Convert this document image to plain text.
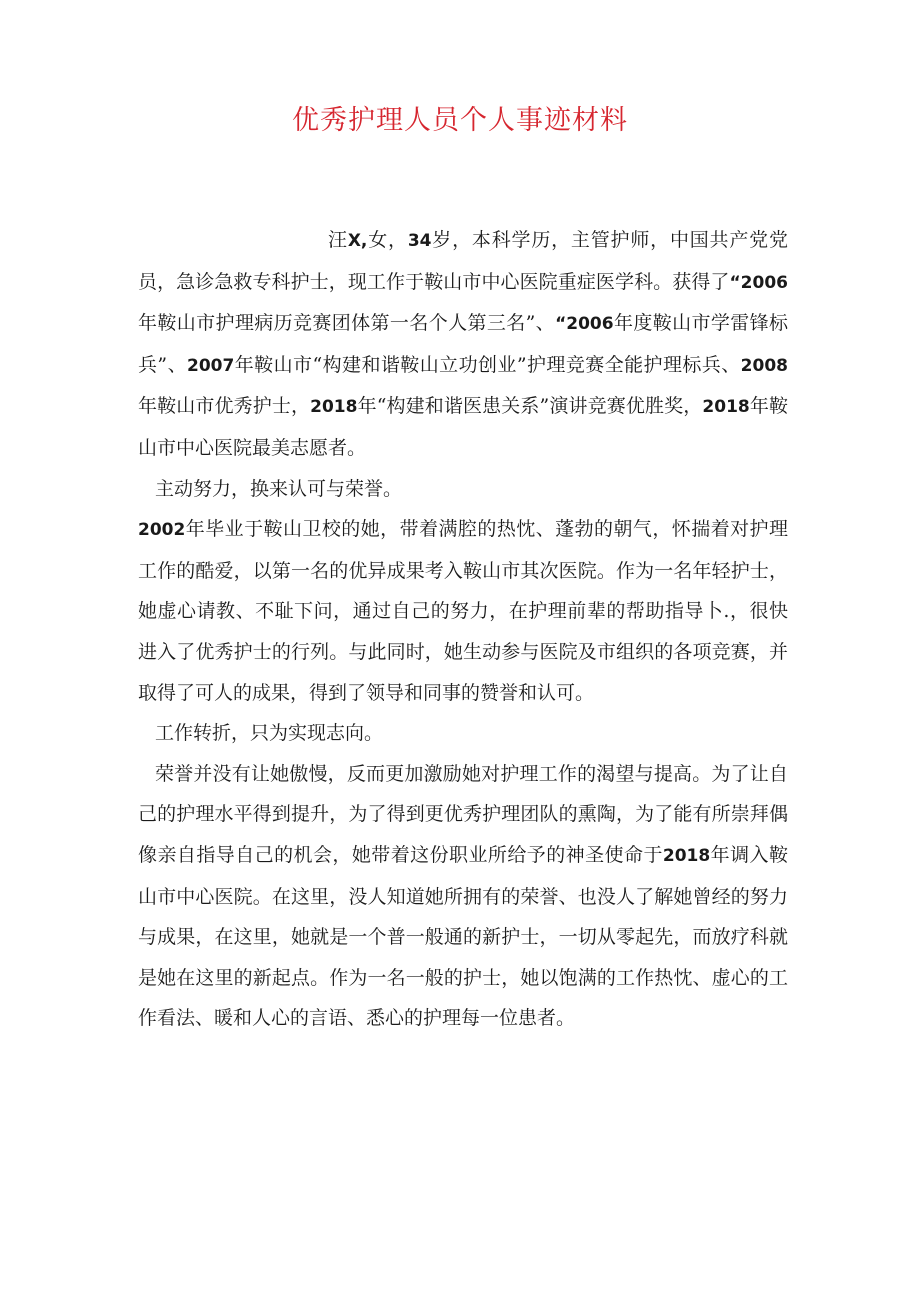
优秀护理人员个人事迹材料

汪X,女，34岁，本科学历，主管护师，中国共产党党员，急诊急救专科护士，现工作于鞍山市中心医院重症医学科。获得了“2006年鞍山市护理病历竞赛团体第一名个人第三名”、“2006年度鞍山市学雷锋标兵”、2007年鞍山市“构建和谐鞍山立功创业”护理竞赛全能护理标兵、2008年鞍山市优秀护士，2018年“构建和谐医患关系”演讲竞赛优胜奖，2018年鞍山市中心医院最美志愿者。

主动努力，换来认可与荣誉。

2002年毕业于鞍山卫校的她，带着满腔的热忱、蓬勃的朝气，怀揣着对护理工作的酷爱，以第一名的优异成果考入鞍山市其次医院。作为一名年轻护士，她虚心请教、不耻下问，通过自己的努力，在护理前辈的帮助指导卜.，很快进入了优秀护士的行列。与此同时，她生动参与医院及市组织的各项竞赛，并取得了可人的成果，得到了领导和同事的赞誉和认可。

工作转折，只为实现志向。

荣誉并没有让她傲慢，反而更加激励她对护理工作的渴望与提高。为了让自己的护理水平得到提升，为了得到更优秀护理团队的熏陶，为了能有所崇拜偶像亲自指导自己的机会，她带着这份职业所给予的神圣使命于2018年调入鞍山市中心医院。在这里，没人知道她所拥有的荣誉、也没人了解她曾经的努力与成果，在这里，她就是一个普一般通的新护士，一切从零起先，而放疗科就是她在这里的新起点。作为一名一般的护士，她以饱满的工作热忱、虚心的工作看法、暖和人心的言语、悉心的护理每一位患者。
